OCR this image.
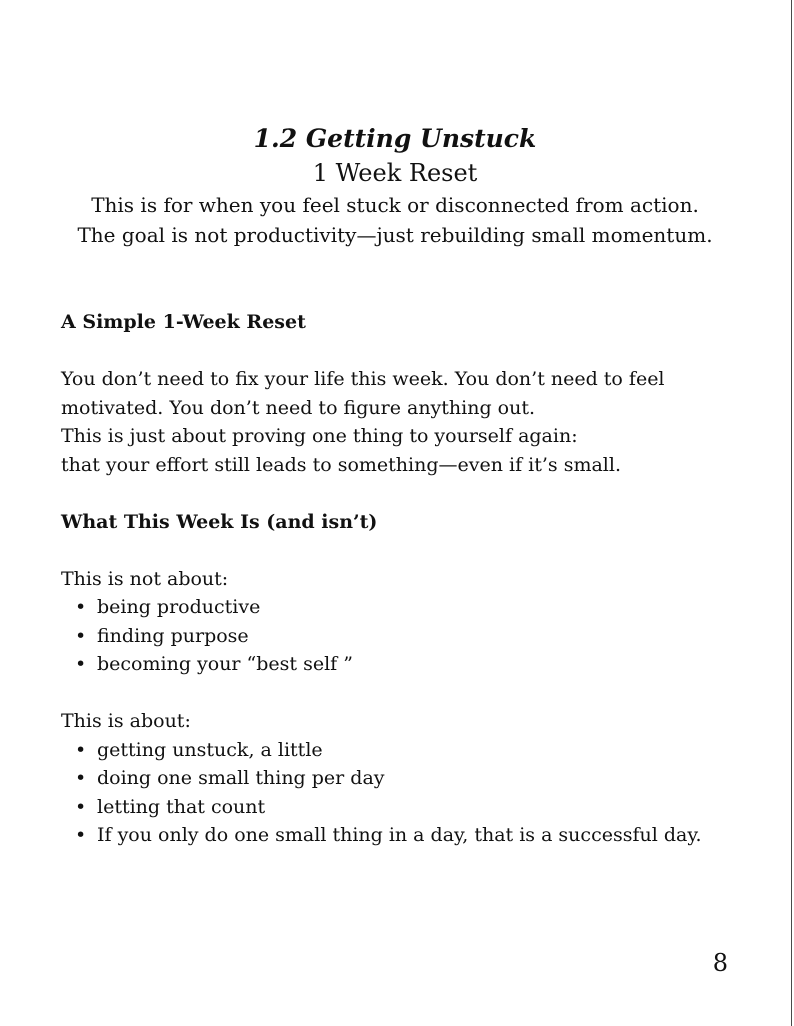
1.2 Getting Unstuck

1 Week Reset

This is for when you feel stuck or disconnected from action.

The goal is not productivity—just rebuilding small momentum.

A Simple 1-Week Reset

You don’t need to fix your life this week. You don’t need to feel

motivated. You don’t need to figure anything out.

This is just about proving one thing to yourself again:

that your effort still leads to something—even if it’s small.

What This Week Is (and isn’t)

This is not about:

• being productive
• finding purpose
• becoming your “best self ”

This is about:

• getting unstuck, a little
• doing one small thing per day
• letting that count
• If you only do one small thing in a day, that is a successful day.
8
